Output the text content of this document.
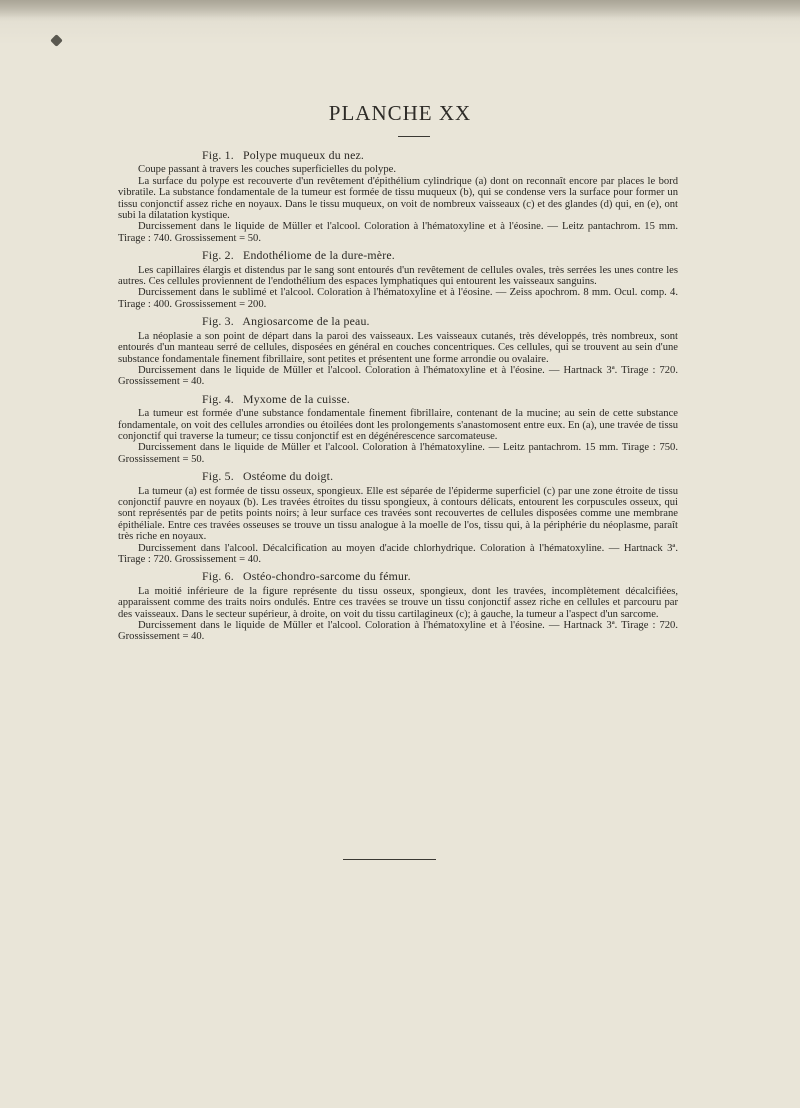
PLANCHE XX
Fig. 1. Polype muqueux du nez.

Coupe passant à travers les couches superficielles du polype.

La surface du polype est recouverte d'un revêtement d'épithélium cylindrique (a) dont on reconnaît encore par places le bord vibratile. La substance fondamentale de la tumeur est formée de tissu muqueux (b), qui se condense vers la surface pour former un tissu conjonctif assez riche en noyaux. Dans le tissu muqueux, on voit de nombreux vaisseaux (c) et des glandes (d) qui, en (e), ont subi la dilatation kystique.

Durcissement dans le liquide de Müller et l'alcool. Coloration à l'hématoxyline et à l'éosine. — Leitz pantachrom. 15 mm. Tirage : 740. Grossissement = 50.

Fig. 2. Endothéliome de la dure-mère.

Les capillaires élargis et distendus par le sang sont entourés d'un revêtement de cellules ovales, très serrées les unes contre les autres. Ces cellules proviennent de l'endothélium des espaces lymphatiques qui entourent les vaisseaux sanguins.

Durcissement dans le sublimé et l'alcool. Coloration à l'hématoxyline et à l'éosine. — Zeiss apochrom. 8 mm. Ocul. comp. 4. Tirage : 400. Grossissement = 200.

Fig. 3. Angiosarcome de la peau.

La néoplasie a son point de départ dans la paroi des vaisseaux. Les vaisseaux cutanés, très développés, très nombreux, sont entourés d'un manteau serré de cellules, disposées en général en couches concentriques. Ces cellules, qui se trouvent au sein d'une substance fondamentale finement fibrillaire, sont petites et présentent une forme arrondie ou ovalaire.

Durcissement dans le liquide de Müller et l'alcool. Coloration à l'hématoxyline et à l'éosine. — Hartnack 3ª. Tirage : 720. Grossissement = 40.

Fig. 4. Myxome de la cuisse.

La tumeur est formée d'une substance fondamentale finement fibrillaire, contenant de la mucine; au sein de cette substance fondamentale, on voit des cellules arrondies ou étoilées dont les prolongements s'anastomosent entre eux. En (a), une travée de tissu conjonctif qui traverse la tumeur; ce tissu conjonctif est en dégénérescence sarcomateuse.

Durcissement dans le liquide de Müller et l'alcool. Coloration à l'hématoxyline. — Leitz pantachrom. 15 mm. Tirage : 750. Grossissement = 50.

Fig. 5. Ostéome du doigt.

La tumeur (a) est formée de tissu osseux, spongieux. Elle est séparée de l'épiderme superficiel (c) par une zone étroite de tissu conjonctif pauvre en noyaux (b). Les travées étroites du tissu spongieux, à contours délicats, entourent les corpuscules osseux, qui sont représentés par de petits points noirs; à leur surface ces travées sont recouvertes de cellules disposées comme une membrane épithéliale. Entre ces travées osseuses se trouve un tissu analogue à la moelle de l'os, tissu qui, à la périphérie du néoplasme, paraît très riche en noyaux.

Durcissement dans l'alcool. Décalcification au moyen d'acide chlorhydrique. Coloration à l'hématoxyline. — Hartnack 3ª. Tirage : 720. Grossissement = 40.

Fig. 6. Ostéo-chondro-sarcome du fémur.

La moitié inférieure de la figure représente du tissu osseux, spongieux, dont les travées, incomplètement décalcifiées, apparaissent comme des traits noirs ondulés. Entre ces travées se trouve un tissu conjonctif assez riche en cellules et parcouru par des vaisseaux. Dans le secteur supérieur, à droite, on voit du tissu cartilagineux (c); à gauche, la tumeur a l'aspect d'un sarcome.

Durcissement dans le liquide de Müller et l'alcool. Coloration à l'hématoxyline et à l'éosine. — Hartnack 3ª. Tirage : 720. Grossissement = 40.
